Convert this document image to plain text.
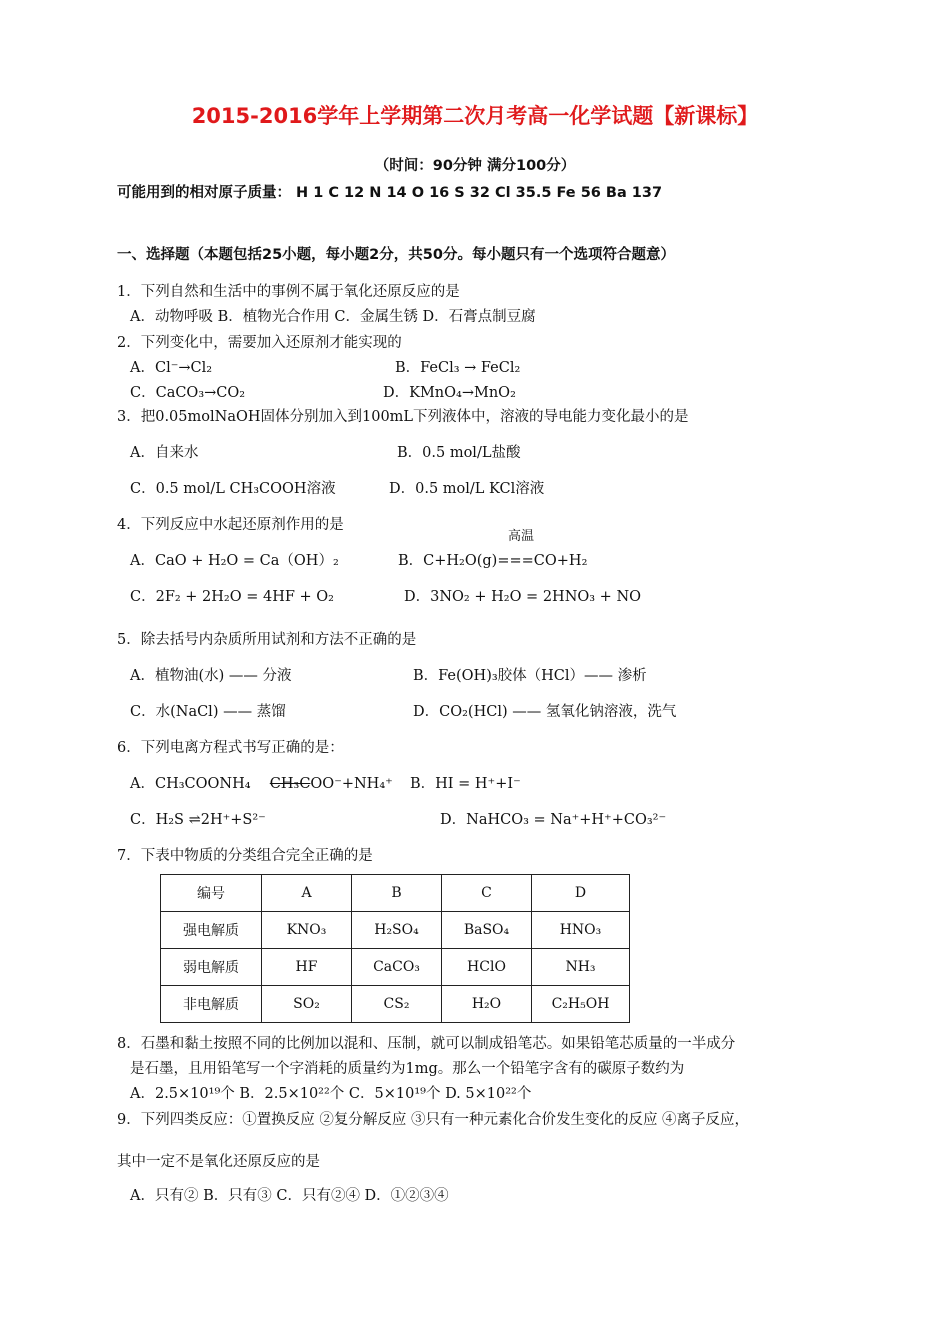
2015-2016学年上学期第二次月考高一化学试题【新课标】
（时间：90分钟 满分100分）
可能用到的相对原子质量： H 1 C 12 N 14 O 16 S 32 Cl 35.5 Fe 56 Ba 137
一、选择题（本题包括25小题，每小题2分，共50分。每小题只有一个选项符合题意）
1．下列自然和生活中的事例不属于氧化还原反应的是
A．动物呼吸 B．植物光合作用 C．金属生锈 D．石膏点制豆腐
2．下列变化中，需要加入还原剂才能实现的
A．Cl⁻→Cl₂	B．FeCl₃ → FeCl₂
C．CaCO₃→CO₂	D．KMnO₄→MnO₂
3．把0.05molNaOH固体分别加入到100mL下列液体中，溶液的导电能力变化最小的是
A．自来水	B．0.5 mol/L盐酸
C．0.5 mol/L CH₃COOH溶液	D．0.5 mol/L KCl溶液
4．下列反应中水起还原剂作用的是
高温
A．CaO + H₂O = Ca（OH）₂	B．C+H₂O(g)===CO+H₂
C．2F₂ + 2H₂O = 4HF + O₂	D．3NO₂ + H₂O = 2HNO₃ + NO
5．除去括号内杂质所用试剂和方法不正确的是
A．植物油(水) —— 分液	B．Fe(OH)₃胶体（HCl）—— 渗析
C．水(NaCl) —— 蒸馏	D．CO₂(HCl) —— 氢氧化钠溶液，洗气
6．下列电离方程式书写正确的是：
A．CH₃COONH₄ CH₃COO⁻+NH₄⁺ B．HI = H⁺+I⁻
C．H₂S ⇌2H⁺+S²⁻	D．NaHCO₃ = Na⁺+H⁺+CO₃²⁻
7．下表中物质的分类组合完全正确的是
编号	A	B	C	D
强电解质	KNO₃	H₂SO₄	BaSO₄	HNO₃
弱电解质	HF	CaCO₃	HClO	NH₃
非电解质	SO₂	CS₂	H₂O	C₂H₅OH
8．石墨和黏土按照不同的比例加以混和、压制，就可以制成铅笔芯。如果铅笔芯质量的一半成分
是石墨，且用铅笔写一个字消耗的质量约为1mg。那么一个铅笔字含有的碳原子数约为
A．2.5×10¹⁹个 B．2.5×10²²个 C．5×10¹⁹个 D. 5×10²²个
9．下列四类反应：①置换反应 ②复分解反应 ③只有一种元素化合价发生变化的反应 ④离子反应，
其中一定不是氧化还原反应的是
A．只有② B．只有③ C．只有②④ D．①②③④
